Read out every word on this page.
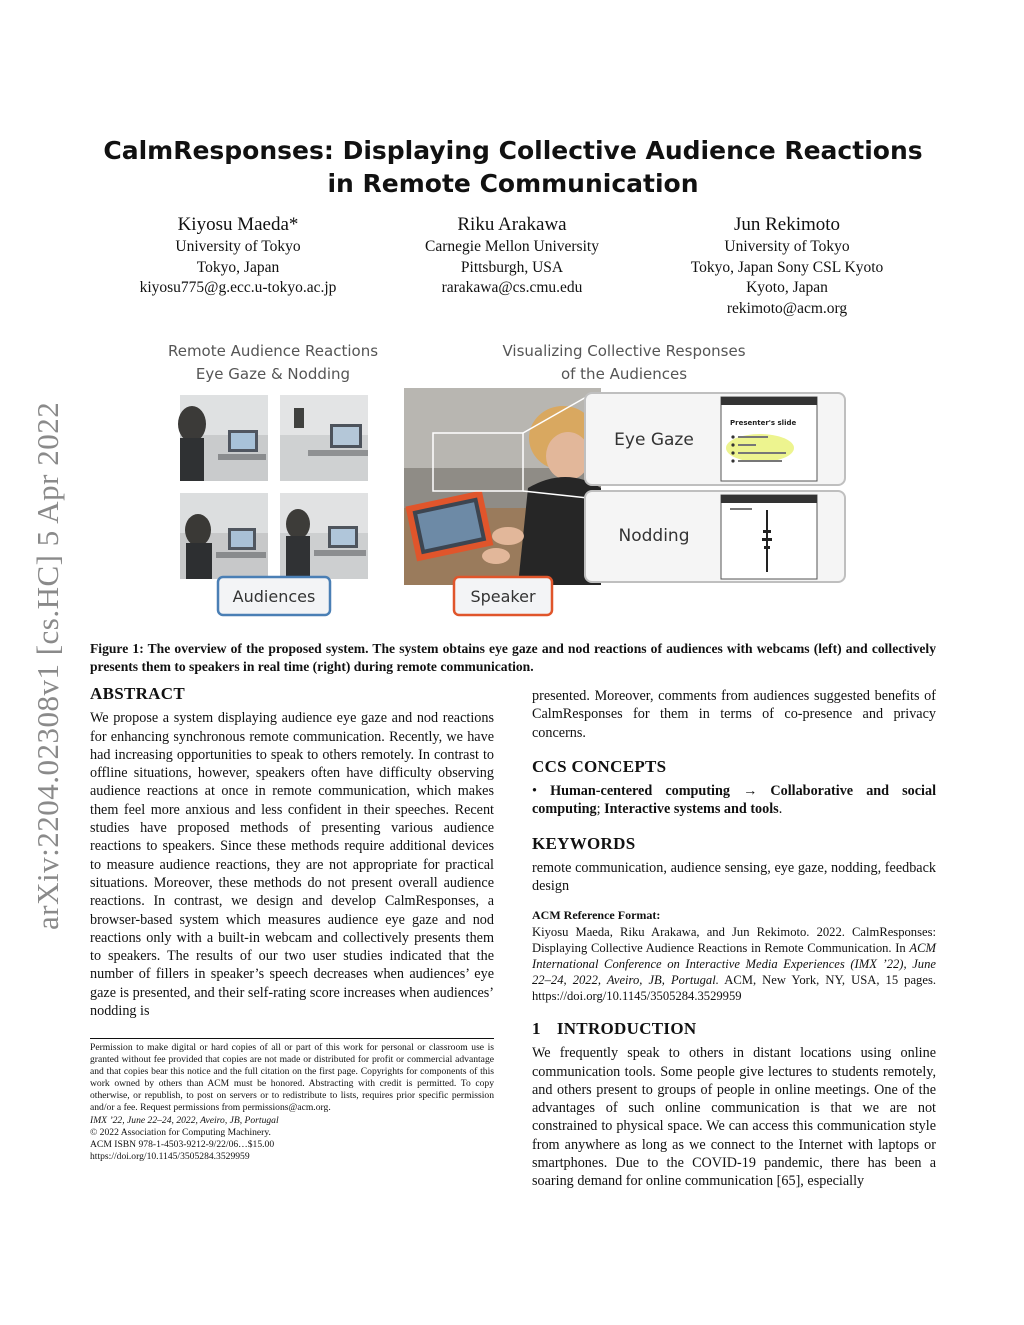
arXiv:2204.02308v1 [cs.HC] 5 Apr 2022
CalmResponses: Displaying Collective Audience Reactions in Remote Communication
Kiyosu Maeda*
University of Tokyo
Tokyo, Japan
kiyosu775@g.ecc.u-tokyo.ac.jp
Riku Arakawa
Carnegie Mellon University
Pittsburgh, USA
rarakawa@cs.cmu.edu
Jun Rekimoto
University of Tokyo
Tokyo, Japan Sony CSL Kyoto
Kyoto, Japan
rekimoto@acm.org
Remote Audience Reactions
Eye Gaze & Nodding
Visualizing Collective Responses
of the Audiences
Audiences	Speaker
Eye Gaze
Presenter's slide
Nodding
Figure 1: The overview of the proposed system. The system obtains eye gaze and nod reactions of audiences with webcams (left) and collectively presents them to speakers in real time (right) during remote communication.
ABSTRACT

We propose a system displaying audience eye gaze and nod reactions for enhancing synchronous remote communication. Recently, we have had increasing opportunities to speak to others remotely. In contrast to offline situations, however, speakers often have difficulty observing audience reactions at once in remote communication, which makes them feel more anxious and less confident in their speeches. Recent studies have proposed methods of presenting various audience reactions to speakers. Since these methods require additional devices to measure audience reactions, they are not appropriate for practical situations. Moreover, these methods do not present overall audience reactions. In contrast, we design and develop CalmResponses, a browser-based system which measures audience eye gaze and nod reactions only with a built-in webcam and collectively presents them to speakers. The results of our two user studies indicated that the number of fillers in speaker’s speech decreases when audiences’ eye gaze is presented, and their self-rating score increases when audiences’ nodding is

Permission to make digital or hard copies of all or part of this work for personal or classroom use is granted without fee provided that copies are not made or distributed for profit or commercial advantage and that copies bear this notice and the full citation on the first page. Copyrights for components of this work owned by others than ACM must be honored. Abstracting with credit is permitted. To copy otherwise, or republish, to post on servers or to redistribute to lists, requires prior specific permission and/or a fee. Request permissions from permissions@acm.org.
IMX ’22, June 22–24, 2022, Aveiro, JB, Portugal
© 2022 Association for Computing Machinery.
ACM ISBN 978-1-4503-9212-9/22/06…$15.00
https://doi.org/10.1145/3505284.3529959

presented. Moreover, comments from audiences suggested benefits of CalmResponses for them in terms of co-presence and privacy concerns.

CCS CONCEPTS

• Human-centered computing → Collaborative and social computing; Interactive systems and tools.

KEYWORDS

remote communication, audience sensing, eye gaze, nodding, feedback design

ACM Reference Format:
Kiyosu Maeda, Riku Arakawa, and Jun Rekimoto. 2022. CalmResponses: Displaying Collective Audience Reactions in Remote Communication. In ACM International Conference on Interactive Media Experiences (IMX ’22), June 22–24, 2022, Aveiro, JB, Portugal. ACM, New York, NY, USA, 15 pages. https://doi.org/10.1145/3505284.3529959
1 INTRODUCTION

We frequently speak to others in distant locations using online communication tools. Some people give lectures to students remotely, and others present to groups of people in online meetings. One of the advantages of such online communication is that we are not constrained to physical space. We can access this communication style from anywhere as long as we connect to the Internet with laptops or smartphones. Due to the COVID-19 pandemic, there has been a soaring demand for online communication [65], especially
